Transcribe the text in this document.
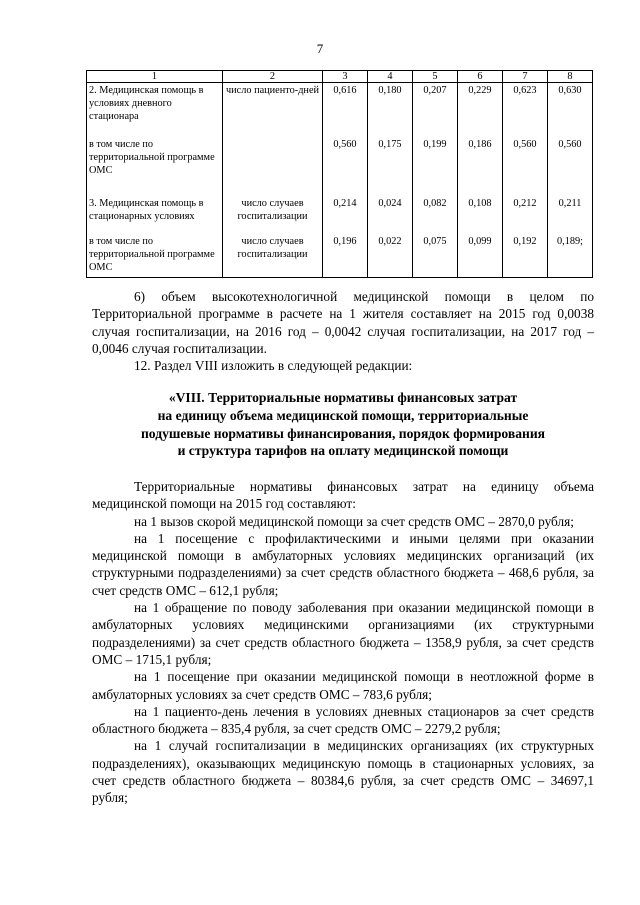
7
1	2	3	4	5	6	7	8
2. Медицинская помощь в условиях дневного стационара	число пациенто-дней	0,616	0,180	0,207	0,229	0,623	0,630
в том числе по территориальной программе ОМС		0,560	0,175	0,199	0,186	0,560	0,560
3. Медицинская помощь в стационарных условиях	число случаев госпитализации	0,214	0,024	0,082	0,108	0,212	0,211
в том числе по территориальной программе ОМС	число случаев госпитализации	0,196	0,022	0,075	0,099	0,192	0,189;

6) объем высокотехнологичной медицинской помощи в целом по Территориальной программе в расчете на 1 жителя составляет на 2015 год 0,0038 случая госпитализации, на 2016 год – 0,0042 случая госпитализации, на 2017 год – 0,0046 случая госпитализации.

12. Раздел VIII изложить в следующей редакции:

«VIII. Территориальные нормативы финансовых затрат
на единицу объема медицинской помощи, территориальные
подушевые нормативы финансирования, порядок формирования
и структура тарифов на оплату медицинской помощи

Территориальные нормативы финансовых затрат на единицу объема медицинской помощи на 2015 год составляют:

на 1 вызов скорой медицинской помощи за счет средств ОМС – 2870,0 рубля;

на 1 посещение с профилактическими и иными целями при оказании медицинской помощи в амбулаторных условиях медицинских организаций (их структурными подразделениями) за счет средств областного бюджета – 468,6 рубля, за счет средств ОМС – 612,1 рубля;

на 1 обращение по поводу заболевания при оказании медицинской помощи в амбулаторных условиях медицинскими организациями (их структурными подразделениями) за счет средств областного бюджета – 1358,9 рубля, за счет средств ОМС – 1715,1 рубля;

на 1 посещение при оказании медицинской помощи в неотложной форме в амбулаторных условиях за счет средств ОМС – 783,6 рубля;

на 1 пациенто-день лечения в условиях дневных стационаров за счет средств областного бюджета – 835,4 рубля, за счет средств ОМС – 2279,2 рубля;

на 1 случай госпитализации в медицинских организациях (их структурных подразделениях), оказывающих медицинскую помощь в стационарных условиях, за счет средств областного бюджета – 80384,6 рубля, за счет средств ОМС – 34697,1 рубля;
